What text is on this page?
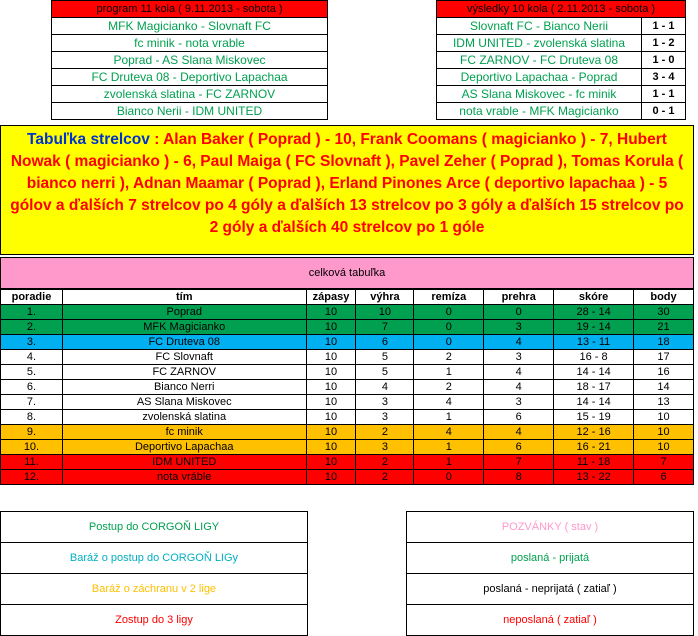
program 11 kola ( 9.11.2013 - sobota )
MFK Magicianko - Slovnaft FC
fc minik - nota vrable
Poprad - AS Slana Miskovec
FC Druteva 08 - Deportivo Lapachaa
zvolenská slatina - FC ZARNOV
Bianco Nerii - IDM UNITED
výsledky 10 kola ( 2.11.2013 - sobota )	
Slovnaft FC - Bianco Nerii	1 - 1
IDM UNITED - zvolenská slatina	1 - 2
FC ZARNOV - FC Druteva 08	1 - 0
Deportivo Lapachaa - Poprad	3 - 4
AS Slana Miskovec - fc minik	1 - 1
nota vrable - MFK Magicianko	0 - 1
Tabuľka strelcov : Alan Baker ( Poprad ) - 10, Frank Coomans ( magicianko ) - 7, Hubert Nowak ( magicianko ) - 6, Paul Maiga ( FC Slovnaft ), Pavel Zeher ( Poprad ), Tomas Korula ( bianco nerri ), Adnan Maamar ( Poprad ), Erland Pinones Arce ( deportivo lapachaa ) - 5 gólov a ďalších 7 strelcov po 4 góly a ďalších 13 strelcov po 3 góly a ďalších 15 strelcov po 2 góly a ďalších 40 strelcov po 1 góle
celková tabuľka
poradie	tím	zápasy	výhra	remíza	prehra	skóre	body
1.	Poprad	10	10	0	0	28 - 14	30
2.	MFK Magicianko	10	7	0	3	19 - 14	21
3.	FC Druteva 08	10	6	0	4	13 - 11	18
4.	FC Slovnaft	10	5	2	3	16 - 8	17
5.	FC ZARNOV	10	5	1	4	14 - 14	16
6.	Bianco Nerri	10	4	2	4	18 - 17	14
7.	AS Slana Miskovec	10	3	4	3	14 - 14	13
8.	zvolenská slatina	10	3	1	6	15 - 19	10
9.	fc minik	10	2	4	4	12 - 16	10
10.	Deportivo Lapachaa	10	3	1	6	16 - 21	10
11.	IDM UNITED	10	2	1	7	11 - 18	7
12.	nota vráble	10	2	0	8	13 - 22	6
Postup do CORGOŇ LIGY
Baráž o postup do CORGOŇ LIGy
Baráž o záchranu v 2 lige
Zostup do 3 ligy
POZVÁNKY ( stav )
poslaná - prijatá
poslaná - neprijatá ( zatiaľ )
neposlaná ( zatiaľ )
